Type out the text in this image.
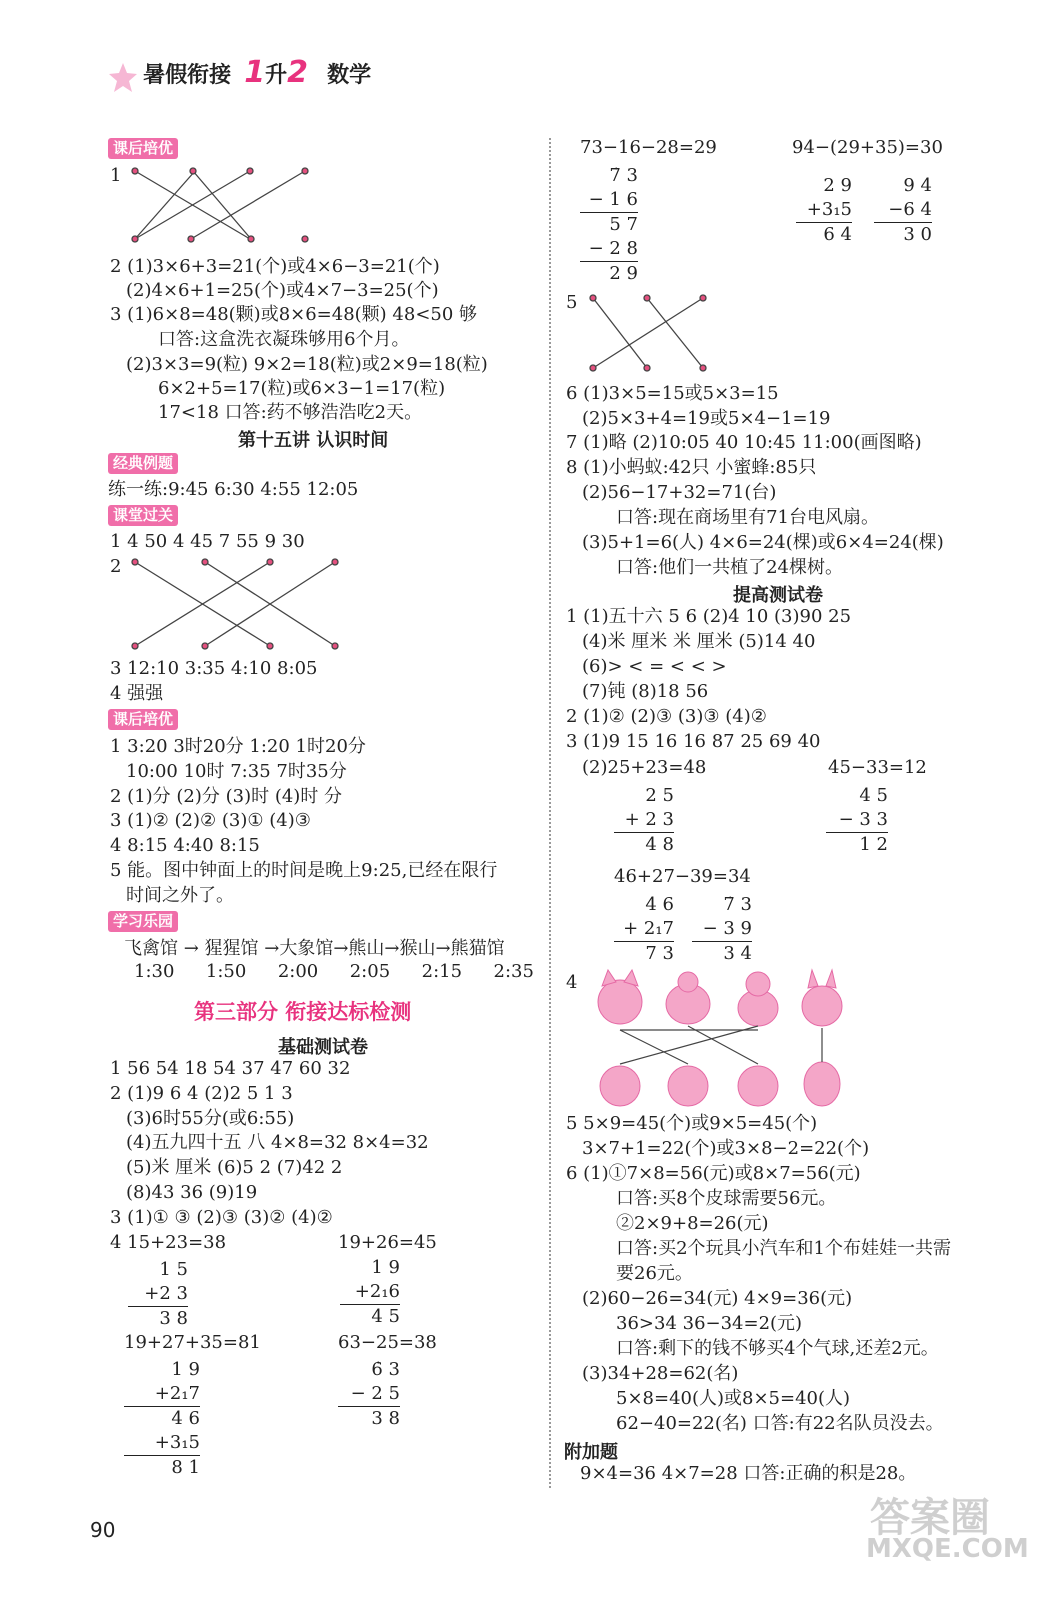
暑假衔接 1升2 数学
课后培优
1
2 (1)3×6+3=21(个)或4×6−3=21(个)
(2)4×6+1=25(个)或4×7−3=25(个)
3 (1)6×8=48(颗)或8×6=48(颗) 48<50 够
口答:这盒洗衣凝珠够用6个月。
(2)3×3=9(粒) 9×2=18(粒)或2×9=18(粒)
6×2+5=17(粒)或6×3−1=17(粒)
17<18 口答:药不够浩浩吃2天。
第十五讲 认识时间
经典例题
练一练:9:45 6:30 4:55 12:05
课堂过关
1 4 50 4 45 7 55 9 30
2
3 12:10 3:35 4:10 8:05
4 强强
课后培优
1 3:20 3时20分 1:20 1时20分
10:00 10时 7:35 7时35分
2 (1)分 (2)分 (3)时 (4)时 分
3 (1)② (2)② (3)① (4)③
4 8:15 4:40 8:15
5 能。图中钟面上的时间是晚上9:25,已经在限行
时间之外了。
学习乐园
飞禽馆 → 猩猩馆 →大象馆→熊山→猴山→熊猫馆
1:30 1:50 2:00 2:05 2:15 2:35
第三部分 衔接达标检测
基础测试卷
1 56 54 18 54 37 47 60 32
2 (1)9 6 4 (2)2 5 1 3
(3)6时55分(或6:55)
(4)五九四十五 八 4×8=32 8×4=32
(5)米 厘米 (6)5 2 (7)42 2
(8)43 36 (9)19
3 (1)① ③ (2)③ (3)② (4)②
4 15+23=38	19+26=45
1 5
+2 3
3 8
1 9
+2₁6
4 5
19+27+35=81	63−25=38
1 9
+2₁7
4 6
+3₁5
8 1
6̇ 3
− 2 5
3 8
90
73−16−28=29	94−(29+35)=30
7̇ 3
− 1 6
5 7
− 2 8
2 9
2 9
+3₁5
6 4
9 4
−6 4
3 0
5
6 (1)3×5=15或5×3=15
(2)5×3+4=19或5×4−1=19
7 (1)略 (2)10:05 40 10:45 11:00(画图略)
8 (1)小蚂蚁:42只 小蜜蜂:85只
(2)56−17+32=71(台)
口答:现在商场里有71台电风扇。
(3)5+1=6(人) 4×6=24(棵)或6×4=24(棵)
口答:他们一共植了24棵树。
提高测试卷
1 (1)五十六 5 6 (2)4 10 (3)90 25
(4)米 厘米 米 厘米 (5)14 40
(6)> < = < < >
(7)钝 (8)18 56
2 (1)② (2)③ (3)③ (4)②
3 (1)9 15 16 16 87 25 69 40
(2)25+23=48	45−33=12
2 5
+ 2 3
4 8
4 5
− 3 3
1 2
46+27−39=34
4 6
+ 2₁7
7 3
7̇ 3
− 3 9
3 4
4
5 5×9=45(个)或9×5=45(个)
3×7+1=22(个)或3×8−2=22(个)
6 (1)①7×8=56(元)或8×7=56(元)
口答:买8个皮球需要56元。
②2×9+8=26(元)
口答:买2个玩具小汽车和1个布娃娃一共需
要26元。
(2)60−26=34(元) 4×9=36(元)
36>34 36−34=2(元)
口答:剩下的钱不够买4个气球,还差2元。
(3)34+28=62(名)
5×8=40(人)或8×5=40(人)
62−40=22(名) 口答:有22名队员没去。
附加题
9×4=36 4×7=28 口答:正确的积是28。
答案圈
MXQE.COM
